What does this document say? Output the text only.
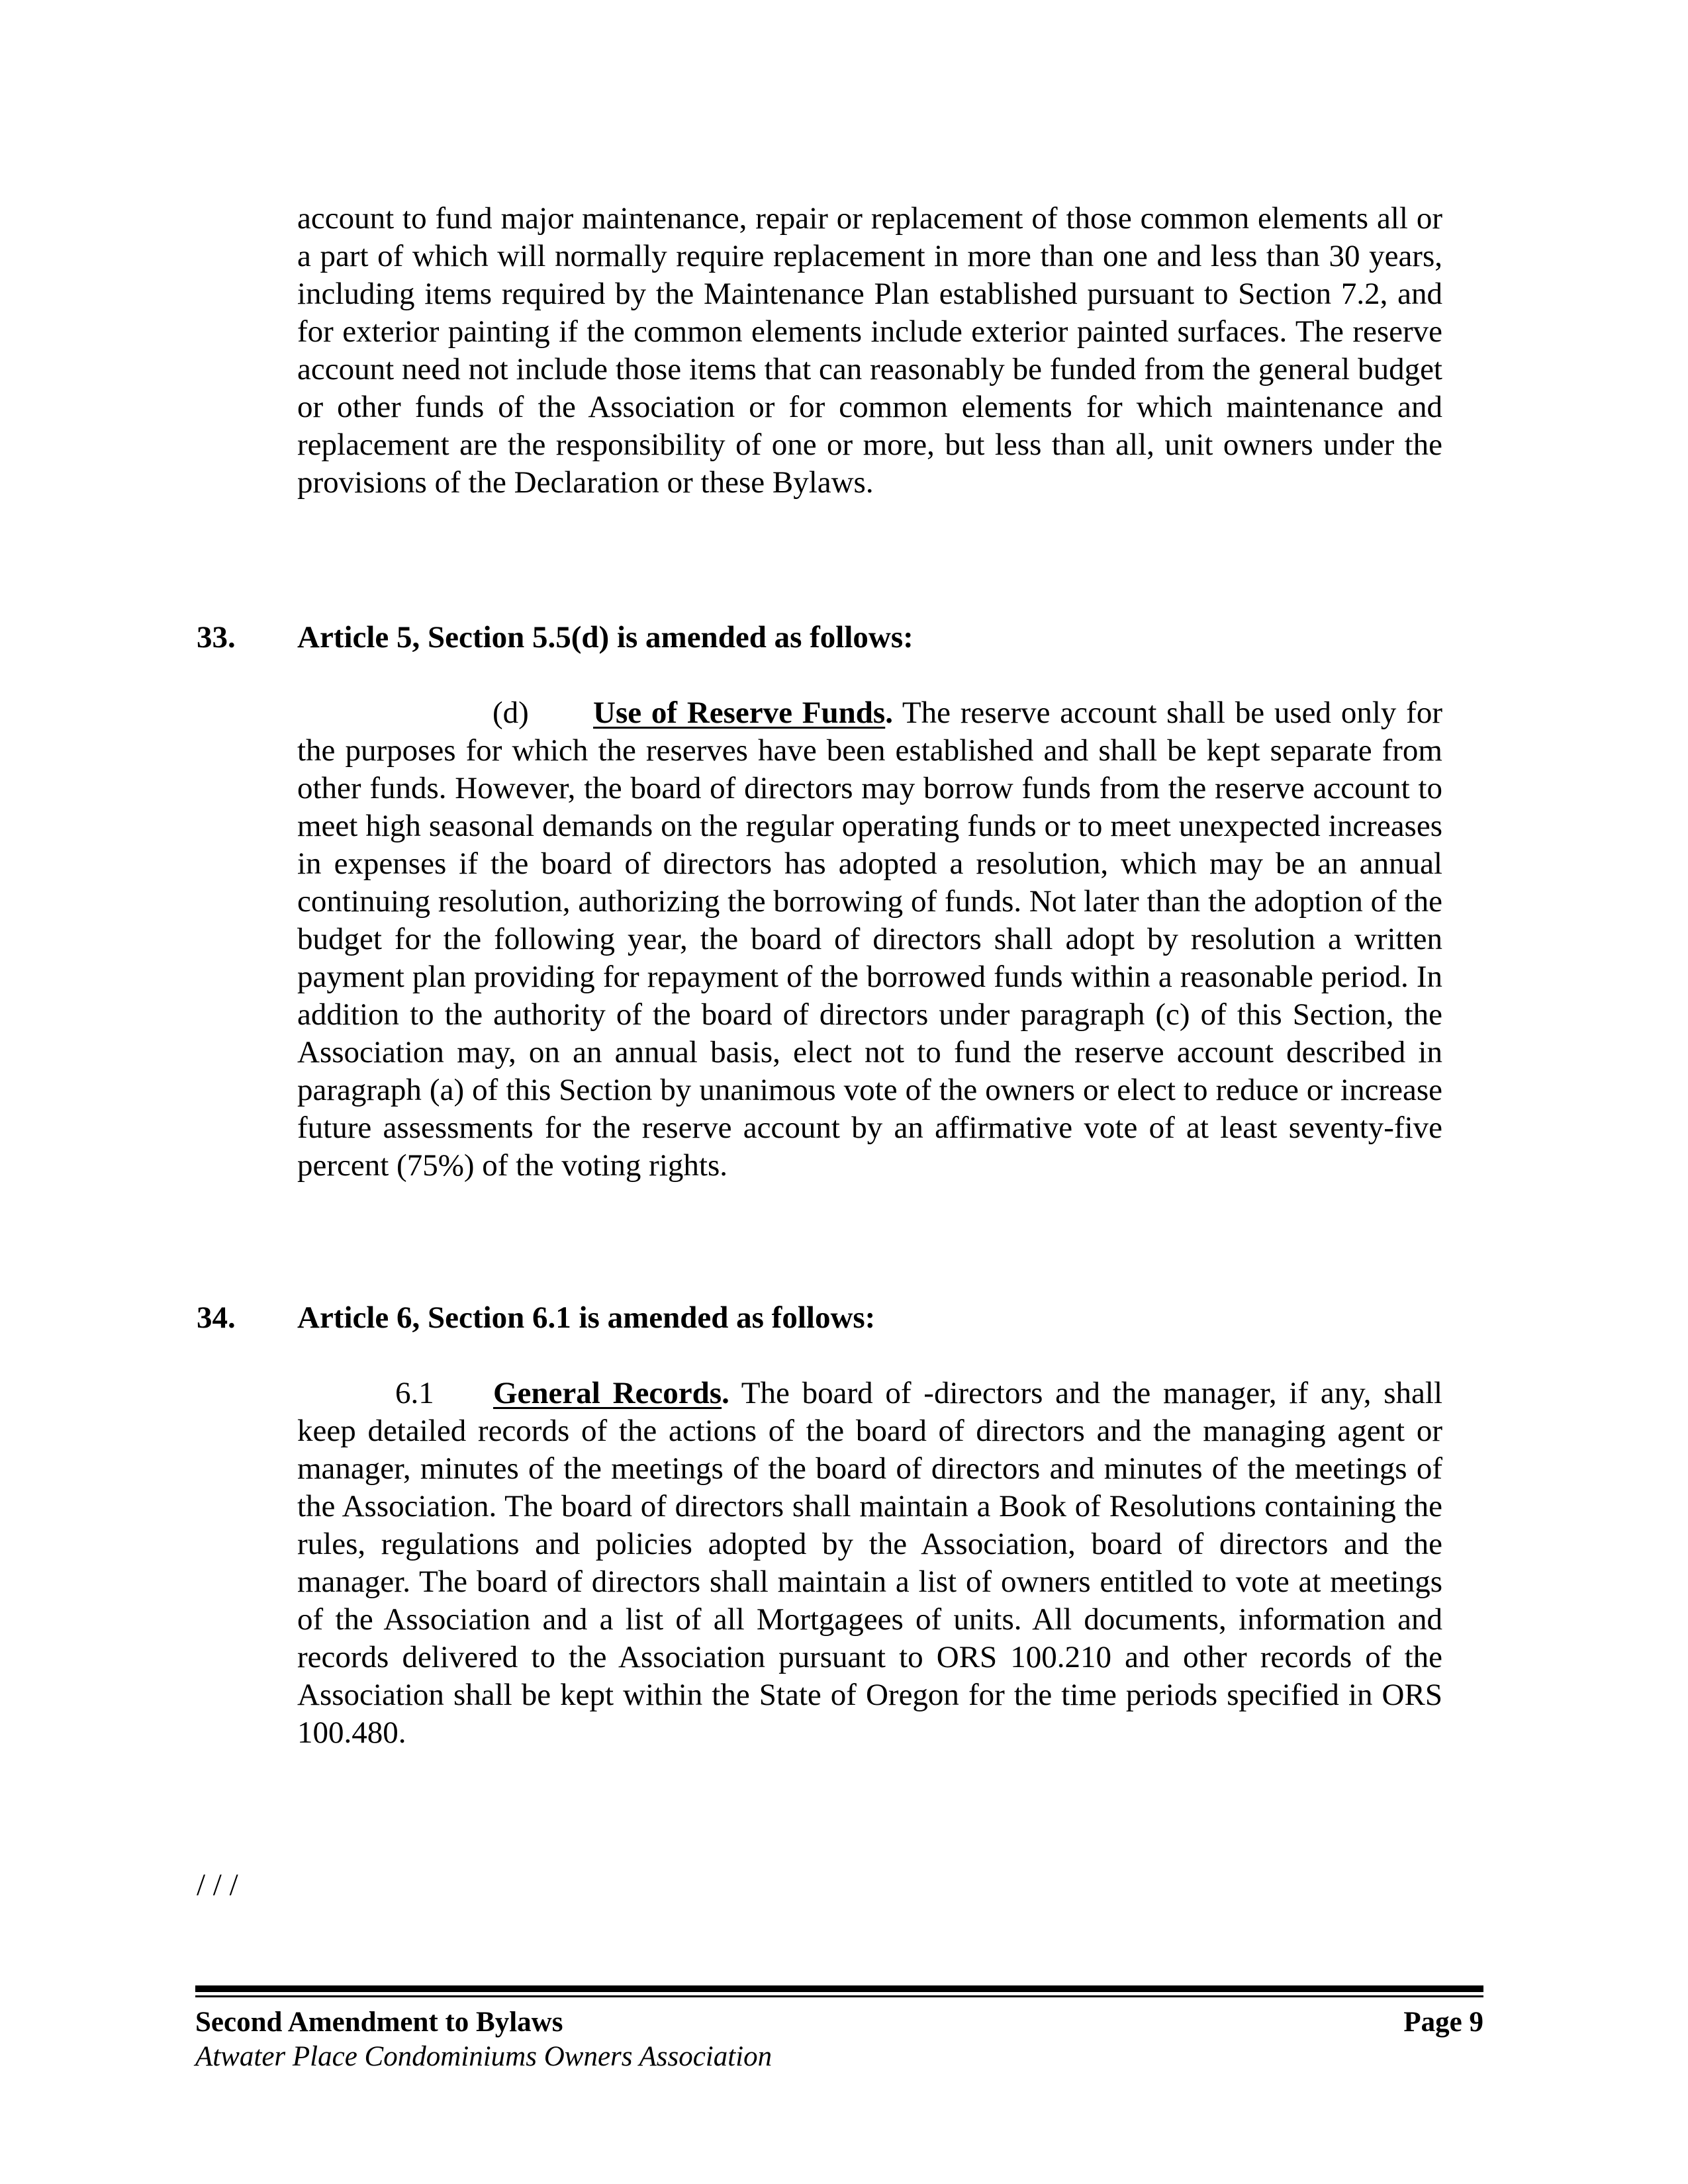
account to fund major maintenance, repair or replacement of those common elements all or a part of which will normally require replacement in more than one and less than 30 years, including items required by the Maintenance Plan established pursuant to Section 7.2, and for exterior painting if the common elements include exterior painted surfaces. The reserve account need not include those items that can reasonably be funded from the general budget or other funds of the Association or for common elements for which maintenance and replacement are the responsibility of one or more, but less than all, unit owners under the provisions of the Declaration or these Bylaws.

33. Article 5, Section 5.5(d) is amended as follows:

(d) Use of Reserve Funds. The reserve account shall be used only for the purposes for which the reserves have been established and shall be kept separate from other funds. However, the board of directors may borrow funds from the reserve account to meet high seasonal demands on the regular operating funds or to meet unexpected increases in expenses if the board of directors has adopted a resolution, which may be an annual continuing resolution, authorizing the borrowing of funds. Not later than the adoption of the budget for the following year, the board of directors shall adopt by resolution a written payment plan providing for repayment of the borrowed funds within a reasonable period. In addition to the authority of the board of directors under paragraph (c) of this Section, the Association may, on an annual basis, elect not to fund the reserve account described in paragraph (a) of this Section by unanimous vote of the owners or elect to reduce or increase future assessments for the reserve account by an affirmative vote of at least seventy-five percent (75%) of the voting rights.

34. Article 6, Section 6.1 is amended as follows:

6.1 General Records. The board of -directors and the manager, if any, shall keep detailed records of the actions of the board of directors and the managing agent or manager, minutes of the meetings of the board of directors and minutes of the meetings of the Association. The board of directors shall maintain a Book of Resolutions containing the rules, regulations and policies adopted by the Association, board of directors and the manager. The board of directors shall maintain a list of owners entitled to vote at meetings of the Association and a list of all Mortgagees of units. All documents, information and records delivered to the Association pursuant to ORS 100.210 and other records of the Association shall be kept within the State of Oregon for the time periods specified in ORS 100.480.

/ / /

Second Amendment to Bylaws	Page 9

Atwater Place Condominiums Owners Association
